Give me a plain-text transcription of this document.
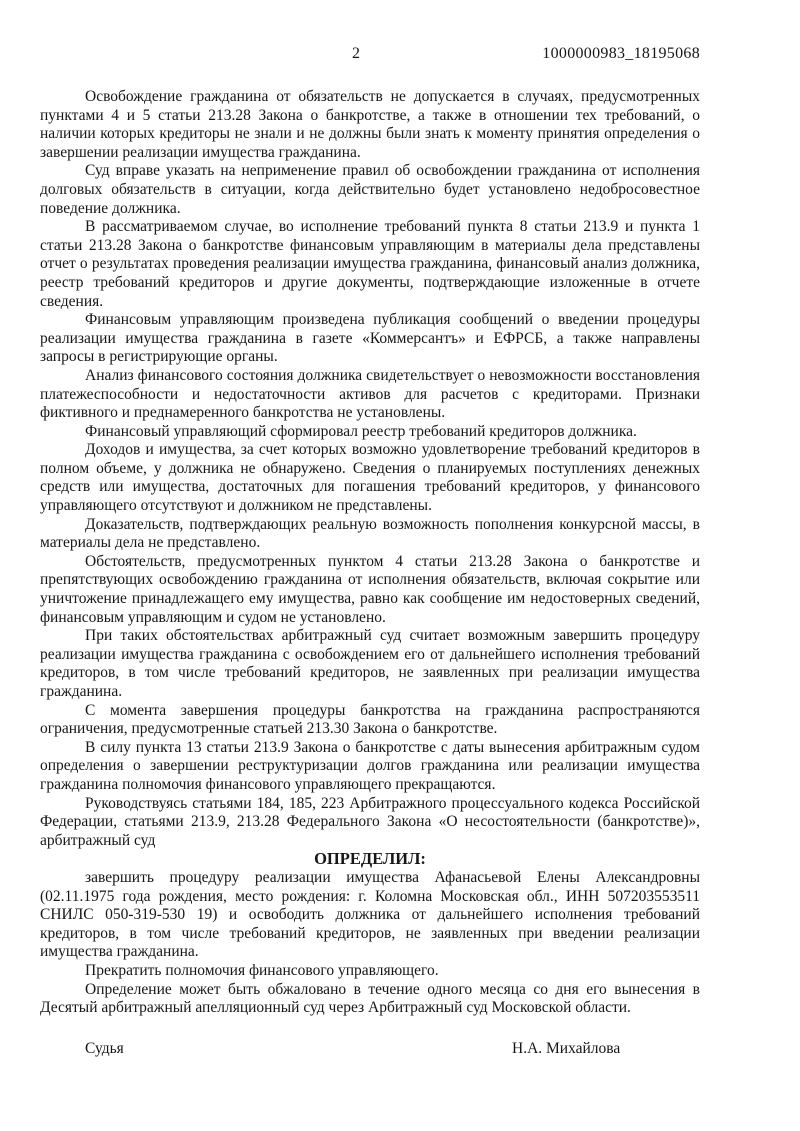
2	1000000983_18195068

Освобождение гражданина от обязательств не допускается в случаях, предусмотренных пунктами 4 и 5 статьи 213.28 Закона о банкротстве, а также в отношении тех требований, о наличии которых кредиторы не знали и не должны были знать к моменту принятия определения о завершении реализации имущества гражданина.

Суд вправе указать на неприменение правил об освобождении гражданина от исполнения долговых обязательств в ситуации, когда действительно будет установлено недобросовестное поведение должника.

В рассматриваемом случае, во исполнение требований пункта 8 статьи 213.9 и пункта 1 статьи 213.28 Закона о банкротстве финансовым управляющим в материалы дела представлены отчет о результатах проведения реализации имущества гражданина, финансовый анализ должника, реестр требований кредиторов и другие документы, подтверждающие изложенные в отчете сведения.

Финансовым управляющим произведена публикация сообщений о введении процедуры реализации имущества гражданина в газете «Коммерсантъ» и ЕФРСБ, а также направлены запросы в регистрирующие органы.

Анализ финансового состояния должника свидетельствует о невозможности восстановления платежеспособности и недостаточности активов для расчетов с кредиторами. Признаки фиктивного и преднамеренного банкротства не установлены.

Финансовый управляющий сформировал реестр требований кредиторов должника.

Доходов и имущества, за счет которых возможно удовлетворение требований кредиторов в полном объеме, у должника не обнаружено. Сведения о планируемых поступлениях денежных средств или имущества, достаточных для погашения требований кредиторов, у финансового управляющего отсутствуют и должником не представлены.

Доказательств, подтверждающих реальную возможность пополнения конкурсной массы, в материалы дела не представлено.

Обстоятельств, предусмотренных пунктом 4 статьи 213.28 Закона о банкротстве и препятствующих освобождению гражданина от исполнения обязательств, включая сокрытие или уничтожение принадлежащего ему имущества, равно как сообщение им недостоверных сведений, финансовым управляющим и судом не установлено.

При таких обстоятельствах арбитражный суд считает возможным завершить процедуру реализации имущества гражданина с освобождением его от дальнейшего исполнения требований кредиторов, в том числе требований кредиторов, не заявленных при реализации имущества гражданина.

С момента завершения процедуры банкротства на гражданина распространяются ограничения, предусмотренные статьей 213.30 Закона о банкротстве.

В силу пункта 13 статьи 213.9 Закона о банкротстве с даты вынесения арбитражным судом определения о завершении реструктуризации долгов гражданина или реализации имущества гражданина полномочия финансового управляющего прекращаются.

Руководствуясь статьями 184, 185, 223 Арбитражного процессуального кодекса Российской Федерации, статьями 213.9, 213.28 Федерального Закона «О несостоятельности (банкротстве)», арбитражный суд

ОПРЕДЕЛИЛ:

завершить процедуру реализации имущества Афанасьевой Елены Александровны (02.11.1975 года рождения, место рождения: г. Коломна Московская обл., ИНН 507203553511 СНИЛС 050-319-530 19) и освободить должника от дальнейшего исполнения требований кредиторов, в том числе требований кредиторов, не заявленных при введении реализации имущества гражданина.

Прекратить полномочия финансового управляющего.

Определение может быть обжаловано в течение одного месяца со дня его вынесения в Десятый арбитражный апелляционный суд через Арбитражный суд Московской области.

Судья	Н.А. Михайлова
